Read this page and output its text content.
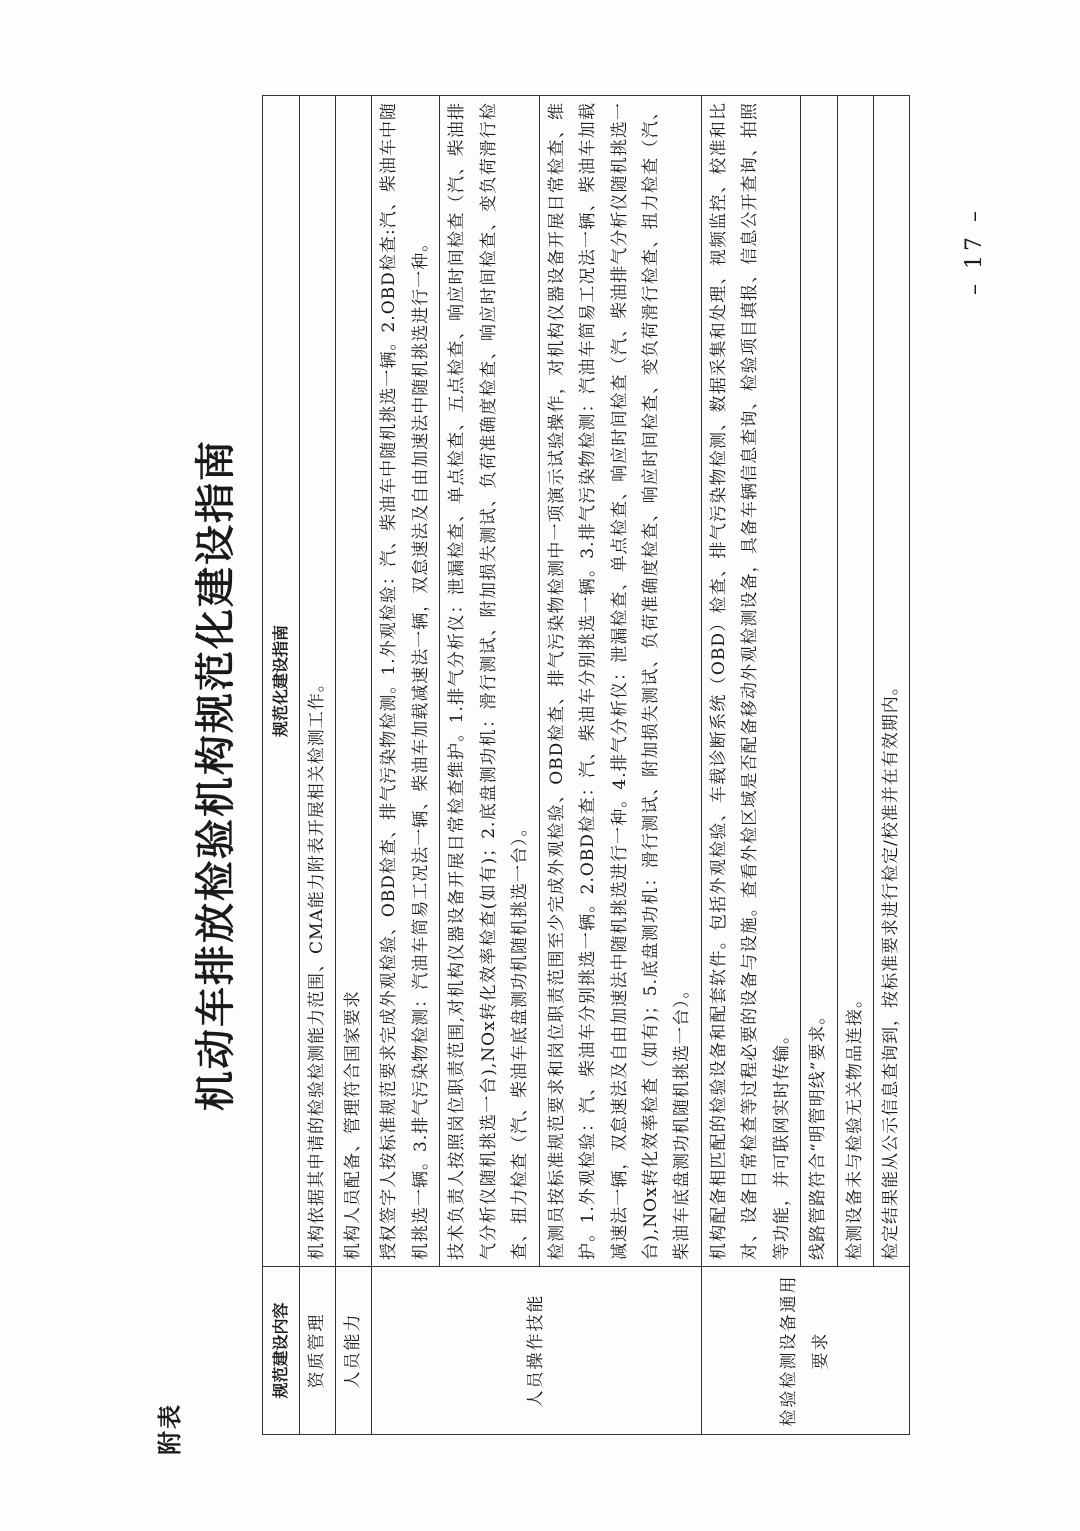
附表
机动车排放检验机构规范化建设指南
规范建设内容	规范化建设指南
资质管理	机构依据其申请的检验检测能力范围、CMA能力附表开展相关检测工作。
人员能力	机构人员配备、管理符合国家要求
人员操作技能	授权签字人按标准规范要求完成外观检验、OBD检查、排气污染物检测。1.外观检验：汽、柴油车中随机挑选一辆。2.OBD检查:汽、柴油车中随机挑选一辆。3.排气污染物检测：汽油车简易工况法一辆、柴油车加载减速法一辆，双怠速法及自由加速法中随机挑选进行一种。
	技术负责人按照岗位职责范围,对机构仪器设备开展日常检查维护。1.排气分析仪：泄漏检查、单点检查、五点检查、响应时间检查（汽、柴油排气分析仪随机挑选一台),NOx转化效率检查(如有)；2.底盘测功机：滑行测试、附加损失测试、负荷准确度检查、响应时间检查、变负荷滑行检查、扭力检查（汽、柴油车底盘测功机随机挑选一台）。
	检测员按标准规范要求和岗位职责范围至少完成外观检验、OBD检查、排气污染物检测中一项演示试验操作，对机构仪器设备开展日常检查、维护。1.外观检验：汽、柴油车分别挑选一辆。2.OBD检查：汽、柴油车分别挑选一辆。3.排气污染物检测：汽油车简易工况法一辆、柴油车加载减速法一辆，双怠速法及自由加速法中随机挑选进行一种。4.排气分析仪：泄漏检查、单点检查、响应时间检查（汽、柴油排气分析仪随机挑选一台),NOx转化效率检查（如有)；5.底盘测功机：滑行测试、附加损失测试、负荷准确度检查、响应时间检查、变负荷滑行检查、扭力检查（汽、柴油车底盘测功机随机挑选一台）。
检验检测设备通用要求	机构配备相匹配的检验设备和配套软件。包括外观检验、车载诊断系统（OBD）检查、排气污染物检测、数据采集和处理、视频监控、校准和比对、设备日常检查等过程必要的设备与设施。查看外检区域是否配备移动外观检测设备，具备车辆信息查询、检验项目填报、信息公开查询、拍照等功能，并可联网实时传输。
	线路管路符合“明管明线”要求。
	检测设备未与检验无关物品连接。
	检定结果能从公示信息查询到，按标准要求进行检定/校准并在有效期内。
– 17 –
